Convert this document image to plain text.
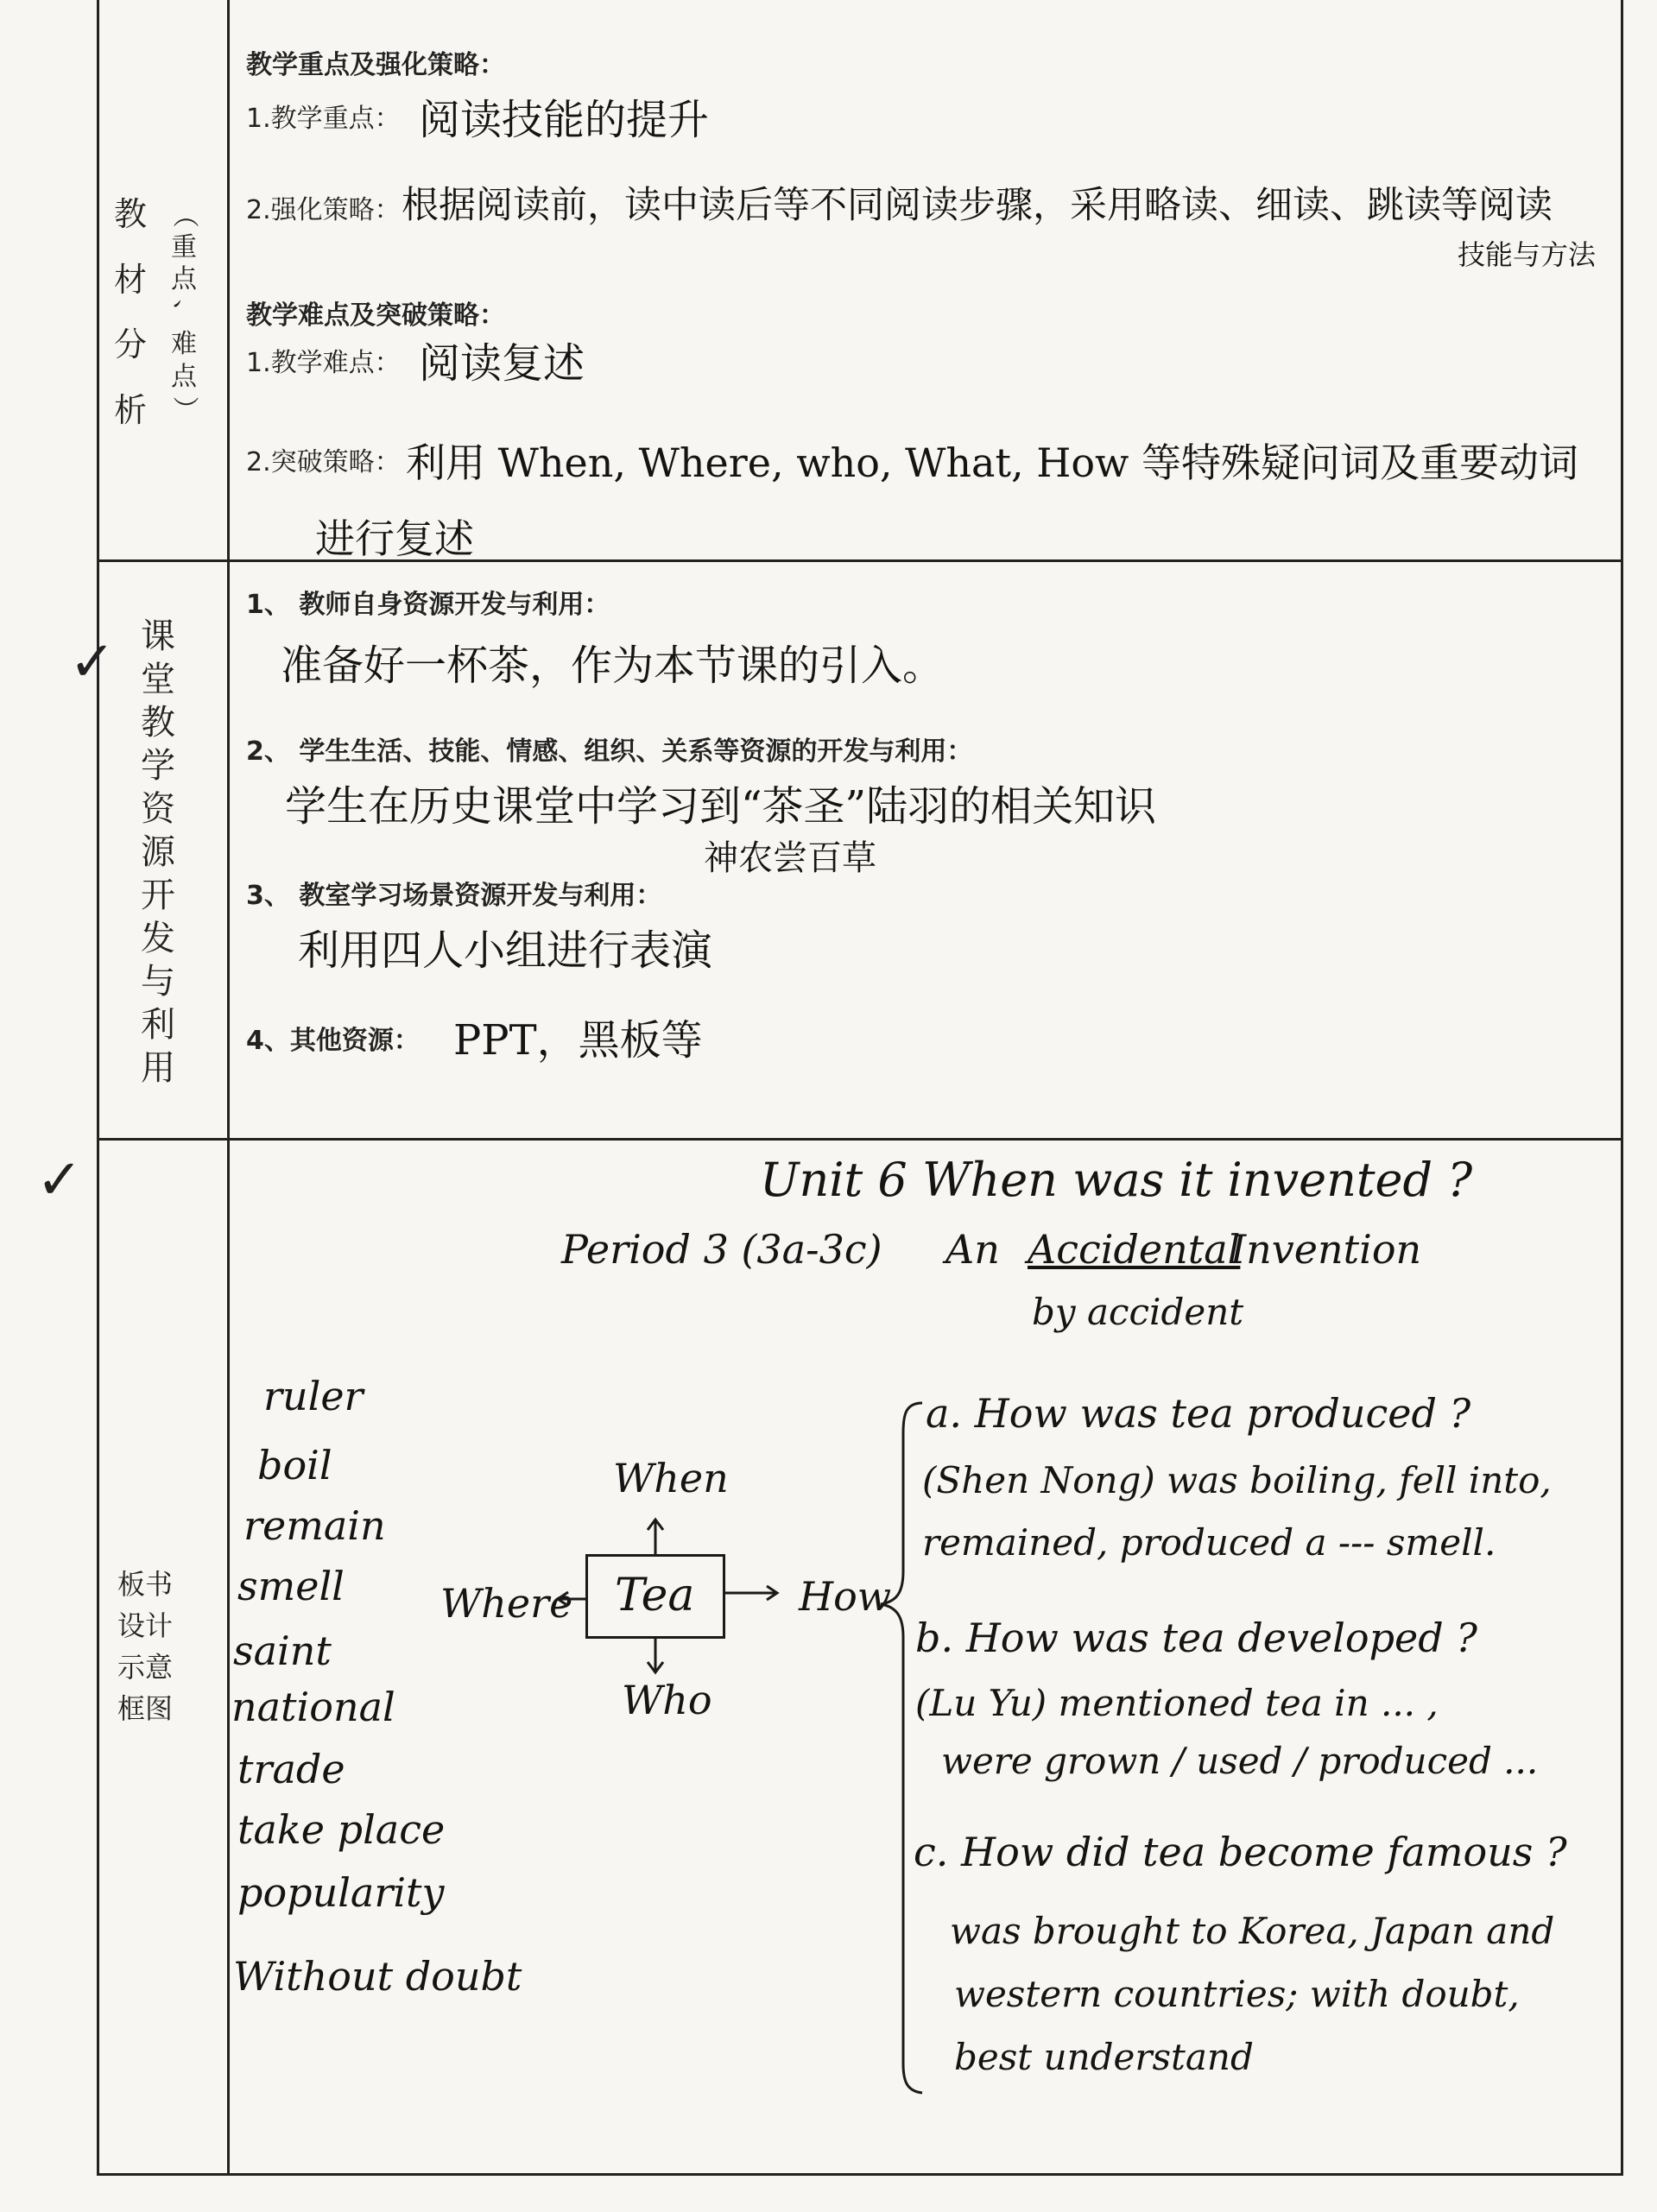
✓
✓
教
材
分
析
（
重
点
、
难
点
）
课
堂
教
学
资
源
开
发
与
利
用
板书
设计
示意
框图
教学重点及强化策略：
1.教学重点： 阅读技能的提升
2.强化策略： 根据阅读前，读中读后等不同阅读步骤，采用略读、细读、跳读等阅读
技能与方法
教学难点及突破策略：
1.教学难点： 阅读复述
2.突破策略： 利用 When, Where, who, What, How 等特殊疑问词及重要动词
进行复述
1、 教师自身资源开发与利用：
准备好一杯茶，作为本节课的引入。
2、 学生生活、技能、情感、组织、关系等资源的开发与利用：
学生在历史课堂中学习到“茶圣”陆羽的相关知识
神农尝百草
3、 教室学习场景资源开发与利用：
利用四人小组进行表演
4、其他资源： PPT，黑板等
Unit 6 When was it invented ?
Period 3 (3a-3c) An Accidental
Invention
by accident
ruler
boil
remain
smell
saint
national
trade
take place
popularity
Without doubt
When
Where Tea	How
Who
a. How was tea produced ?
(Shen Nong) was boiling, fell into,
remained, produced a --- smell.
b. How was tea developed ?
(Lu Yu) mentioned tea in ... ,
were grown / used / produced ...
c. How did tea become famous ?
was brought to Korea, Japan and
western countries; with doubt,
best understand
